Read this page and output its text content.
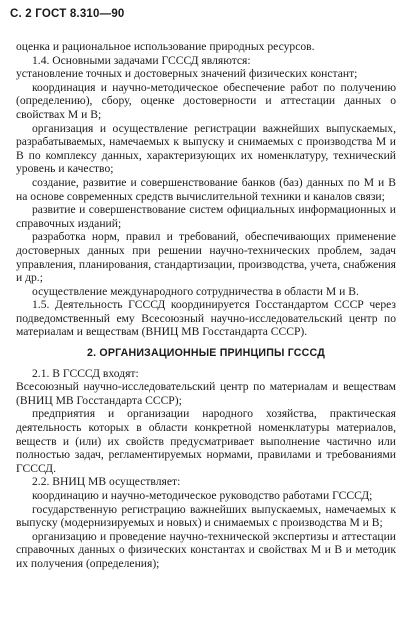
С. 2 ГОСТ 8.310—90

оценка и рациональное использование природных ресурсов.

1.4. Основными задачами ГСССД являются:

установление точных и достоверных значений физических констант;

координация и научно-методическое обеспечение работ по получению (определению), сбору, оценке достоверности и аттестации данных о свойствах М и В;

организация и осуществление регистрации важнейших выпускаемых, разрабатываемых, намечаемых к выпуску и снимаемых с производства М и В по комплексу данных, характеризующих их номенклатуру, технический уровень и качество;

создание, развитие и совершенствование банков (баз) данных по М и В на основе современных средств вычислительной техники и каналов связи;

развитие и совершенствование систем официальных информационных и справочных изданий;

разработка норм, правил и требований, обеспечивающих применение достоверных данных при решении научно-технических проблем, задач управления, планирования, стандартизации, производства, учета, снабжения и др.;

осуществление международного сотрудничества в области М и В.

1.5. Деятельность ГСССД координируется Госстандартом СССР через подведомственный ему Всесоюзный научно-исследовательский центр по материалам и веществам (ВНИЦ МВ Госстандарта СССР).

2. ОРГАНИЗАЦИОННЫЕ ПРИНЦИПЫ ГСССД

2.1. В ГСССД входят:

Всесоюзный научно-исследовательский центр по материалам и веществам (ВНИЦ МВ Госстандарта СССР);

предприятия и организации народного хозяйства, практическая деятельность которых в области конкретной номенклатуры материалов, веществ и (или) их свойств предусматривает выполнение частично или полностью задач, регламентируемых нормами, правилами и требованиями ГСССД.

2.2. ВНИЦ МВ осуществляет:

координацию и научно-методическое руководство работами ГСССД;

государственную регистрацию важнейших выпускаемых, намечаемых к выпуску (модернизируемых и новых) и снимаемых с производства М и В;

организацию и проведение научно-технической экспертизы и аттестации справочных данных о физических константах и свойствах М и В и методик их получения (определения);
